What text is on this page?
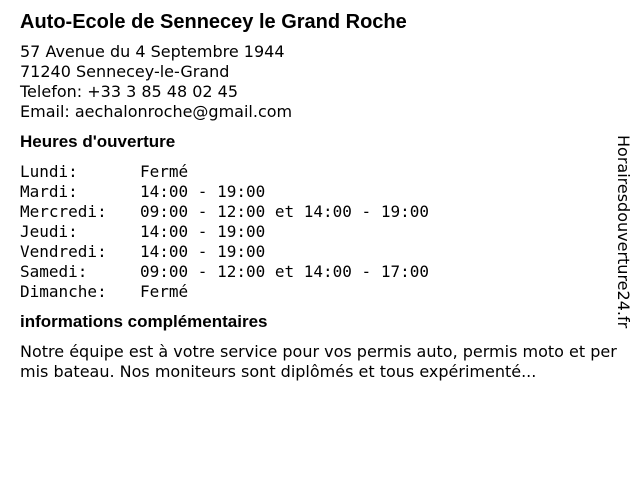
Auto-Ecole de Sennecey le Grand Roche
57 Avenue du 4 Septembre 1944
71240 Sennecey-le-Grand
Telefon: +33 3 85 48 02 45
Email: aechalonroche@gmail.com
Heures d'ouverture
Lundi:	Fermé
Mardi:	14:00 - 19:00
Mercredi:	09:00 - 12:00 et 14:00 - 19:00
Jeudi:	14:00 - 19:00
Vendredi:	14:00 - 19:00
Samedi:	09:00 - 12:00 et 14:00 - 17:00
Dimanche:	Fermé
informations complémentaires
Notre équipe est à votre service pour vos permis auto, permis moto et permis bateau. Nos moniteurs sont diplômés et tous expérimenté...
Horairesdouverture24.fr
